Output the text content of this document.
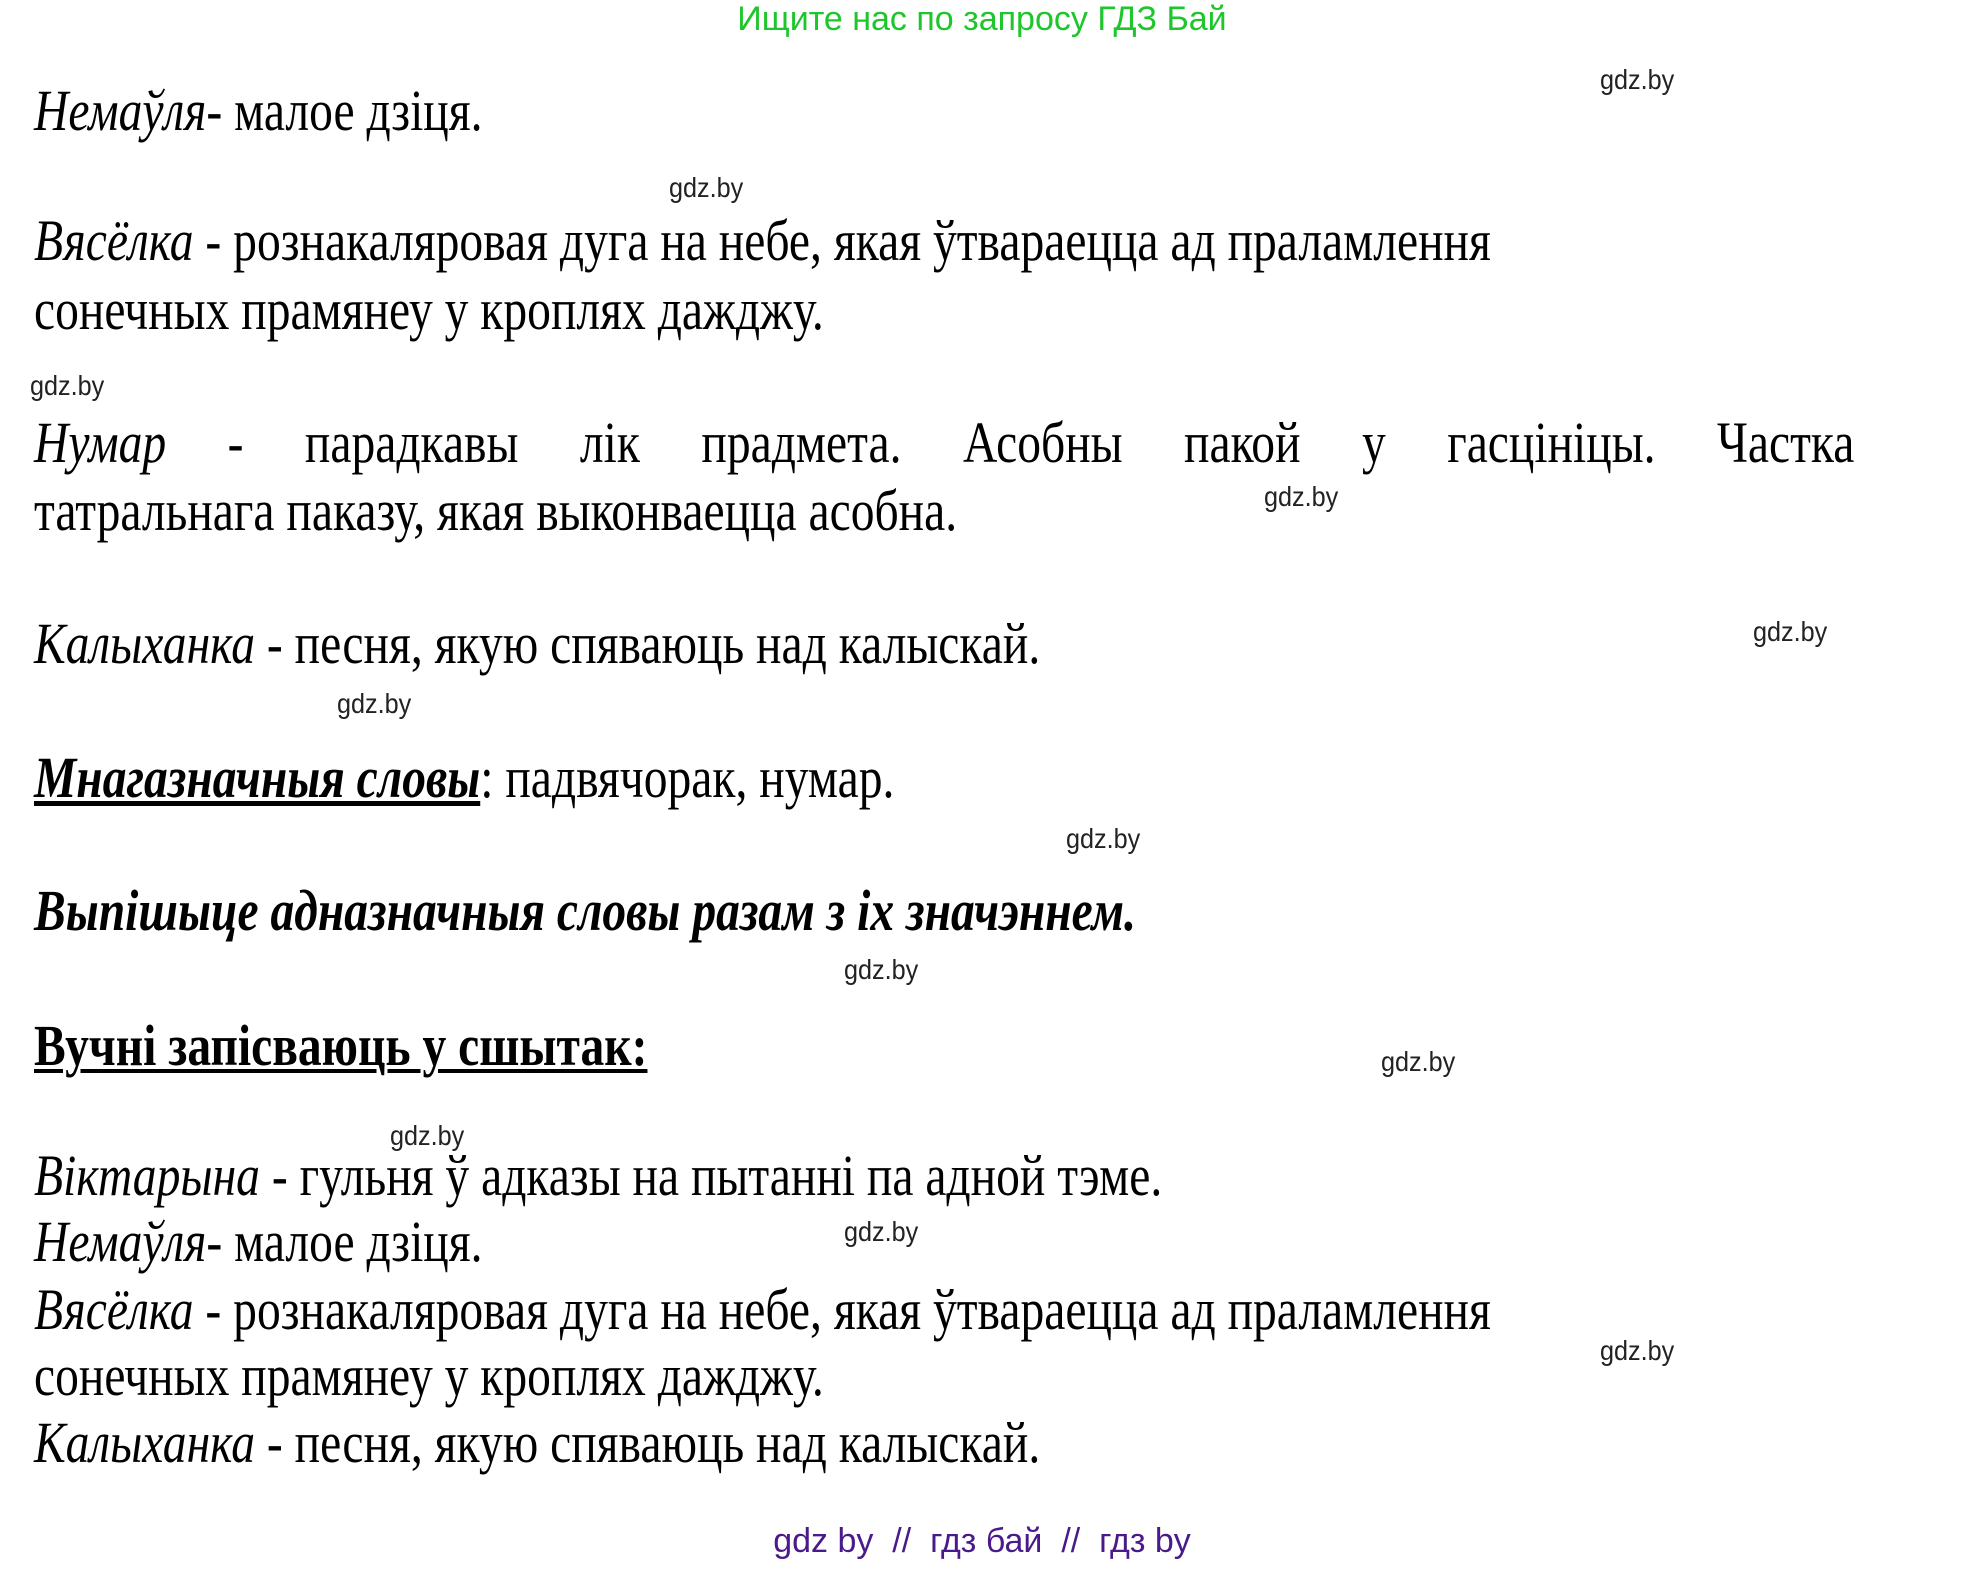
Ищите нас по запросу ГДЗ Бай
Немаўля- малое дзіця.
Вясёлка - рознакаляровая дуга на небе, якая ўтвараецца ад праламлення
сонечных прамянеу у кроплях дажджу.
Нумар - парадкавы лік прадмета. Асобны пакой у гасцініцы. Частка
татральнага паказу, якая выконваецца асобна.
Калыханка - песня, якую спяваюць над калыскай.
Мнагазначныя словы: падвячорак, нумар.
Выпішыце адназначныя словы разам з іх значэннем.
Вучні запісваюць у сшытак:
Віктарына - гульня ў адказы на пытанні па адной тэме.
Немаўля- малое дзіця.
Вясёлка - рознакаляровая дуга на небе, якая ўтвараецца ад праламлення
сонечных прамянеу у кроплях дажджу.
Калыханка - песня, якую спяваюць над калыскай.
gdz.by
gdz.by
gdz.by
gdz.by
gdz.by
gdz.by
gdz.by
gdz.by
gdz.by
gdz.by
gdz.by
gdz.by
gdz by  //  гдз бай  //  гдз by
